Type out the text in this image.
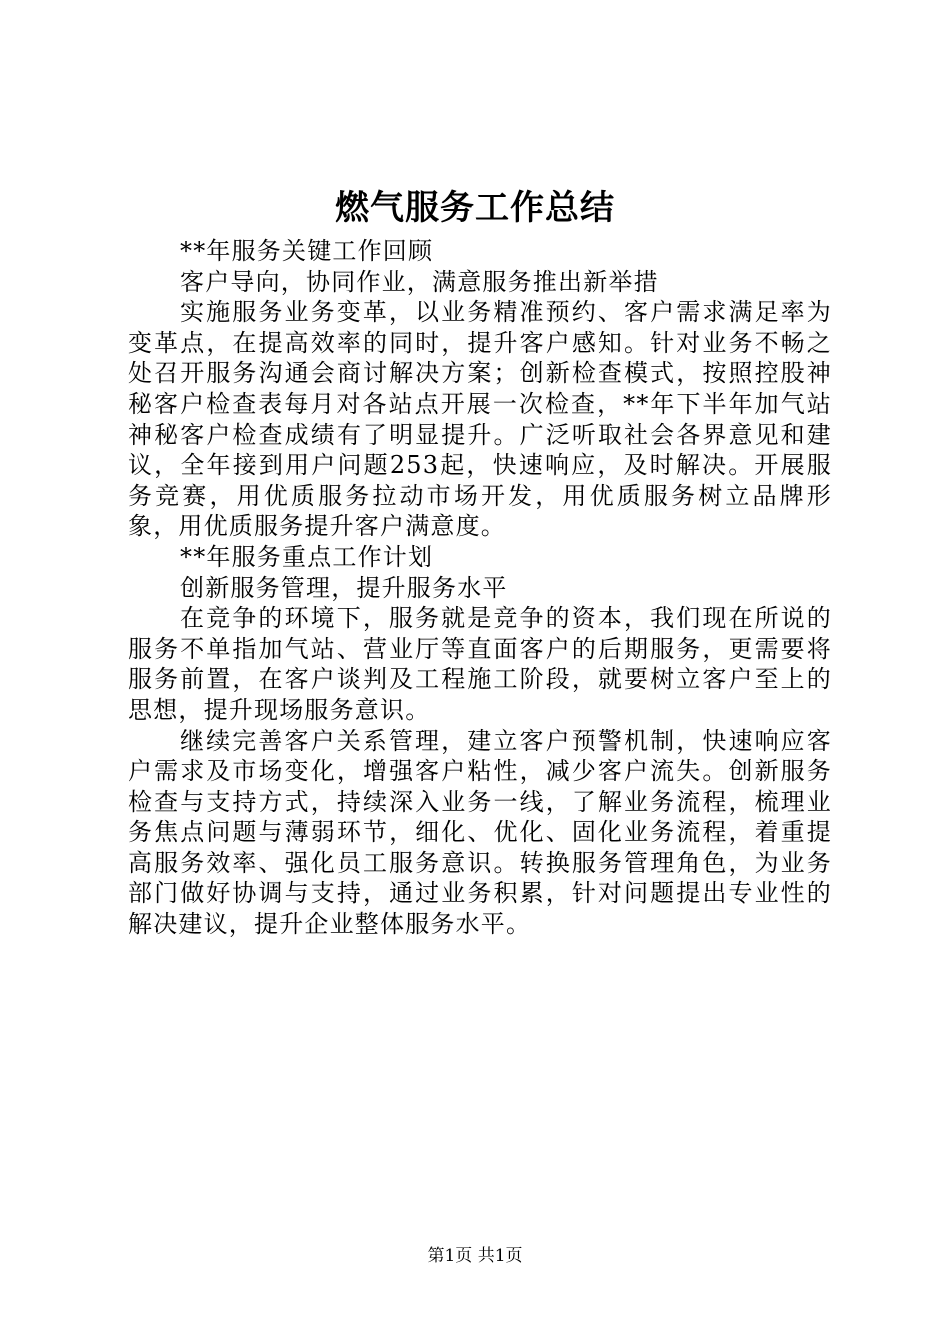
燃气服务工作总结

**年服务关键工作回顾

客户导向，协同作业，满意服务推出新举措

实施服务业务变革，以业务精准预约、客户需求满足率为变革点，在提高效率的同时，提升客户感知。针对业务不畅之处召开服务沟通会商讨解决方案；创新检查模式，按照控股神秘客户检查表每月对各站点开展一次检查，**年下半年加气站神秘客户检查成绩有了明显提升。广泛听取社会各界意见和建议，全年接到用户问题253起，快速响应，及时解决。开展服务竞赛，用优质服务拉动市场开发，用优质服务树立品牌形象，用优质服务提升客户满意度。

**年服务重点工作计划

创新服务管理，提升服务水平

在竞争的环境下，服务就是竞争的资本，我们现在所说的服务不单指加气站、营业厅等直面客户的后期服务，更需要将服务前置，在客户谈判及工程施工阶段，就要树立客户至上的思想，提升现场服务意识。

继续完善客户关系管理，建立客户预警机制，快速响应客户需求及市场变化，增强客户粘性，减少客户流失。创新服务检查与支持方式，持续深入业务一线，了解业务流程，梳理业务焦点问题与薄弱环节，细化、优化、固化业务流程，着重提高服务效率、强化员工服务意识。转换服务管理角色，为业务部门做好协调与支持，通过业务积累，针对问题提出专业性的解决建议，提升企业整体服务水平。

第1页 共1页
